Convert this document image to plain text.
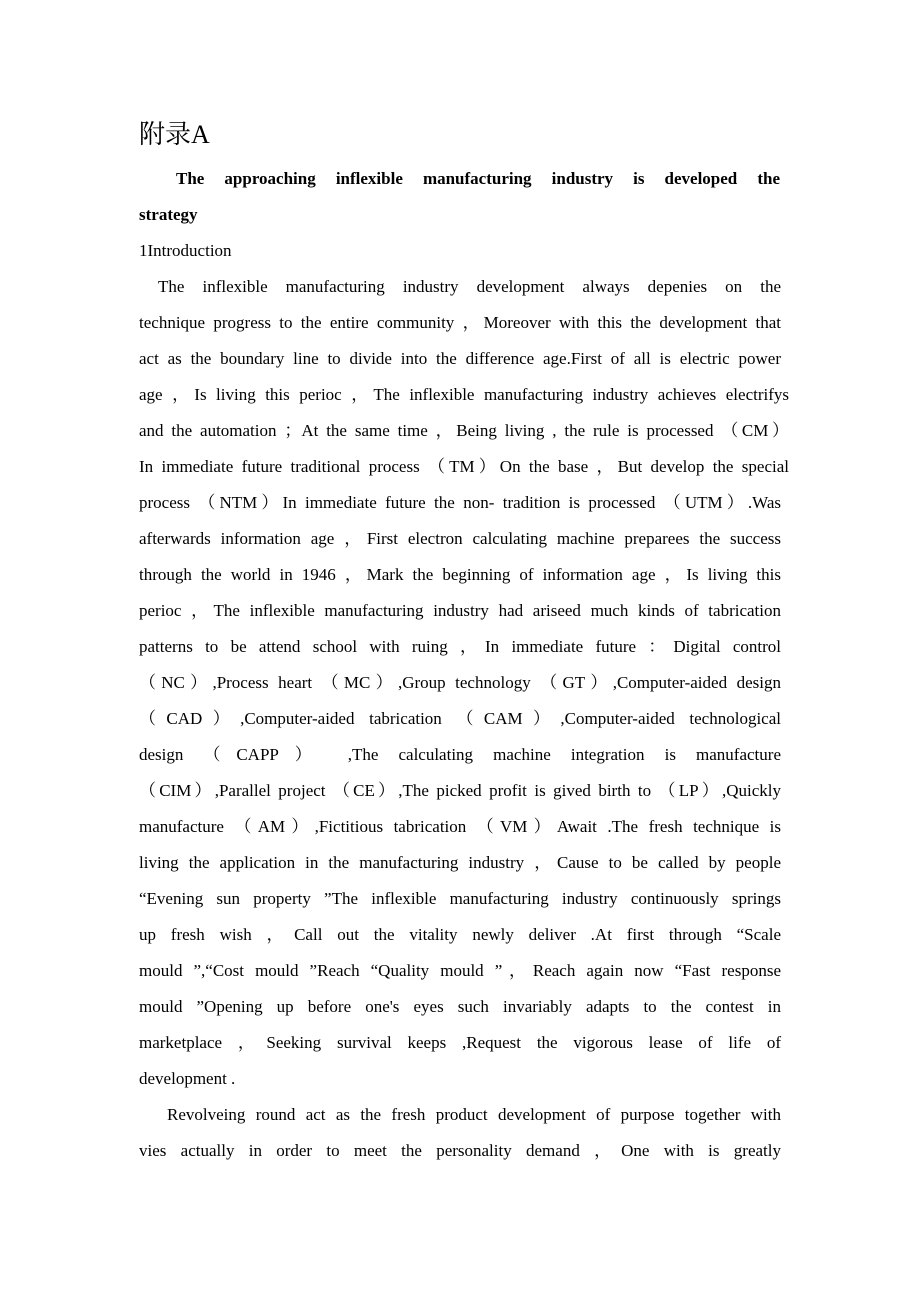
附录A
The approaching inflexible manufacturing industry is developed the
strategy
1Introduction
The inflexible manufacturing industry development always depenies on the
technique progress to the entire community ，Moreover with this the development that
act as the boundary line to divide into the difference age.First of all is electric power
age ，Is living this perioc ，The inflexible manufacturing industry achieves electrifys
and the automation ；At the same time ，Being living , the rule is processed （CM）
In immediate future traditional process （TM）On the base ，But develop the special
process （NTM）In immediate future the non- tradition is processed （UTM）.Was
afterwards information age ，First electron calculating machine preparees the success
through the world in 1946 ，Mark the beginning of information age ，Is living this
perioc ，The inflexible manufacturing industry had ariseed much kinds of tabrication
patterns to be attend school with ruing ，In immediate future ：Digital control
（NC）,Process heart （MC）,Group technology （GT）,Computer-aided design
（CAD）,Computer-aided tabrication （CAM）,Computer-aided technological
design （CAPP） ,The calculating machine integration is manufacture
（CIM）,Parallel project （CE）,The picked profit is gived birth to （LP）,Quickly
manufacture （AM）,Fictitious tabrication （VM）Await .The fresh technique is
living the application in the manufacturing industry ，Cause to be called by people
“Evening sun property ”The inflexible manufacturing industry continuously springs
up fresh wish ，Call out the vitality newly deliver .At first through “Scale
mould ”,“Cost mould ”Reach “Quality mould ”，Reach again now “Fast response
mould ”Opening up before one's eyes such invariably adapts to the contest in
marketplace ，Seeking survival keeps ,Request the vigorous lease of life of
development .
Revolveing round act as the fresh product development of purpose together with
vies actually in order to meet the personality demand ，One with is greatly
